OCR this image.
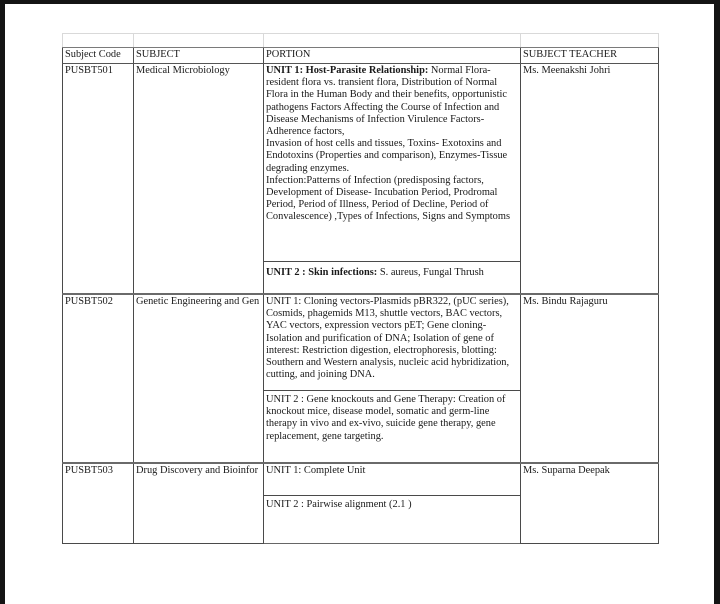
Subject Code	SUBJECT	PORTION	SUBJECT TEACHER
PUSBT501	Medical Microbiology	UNIT 1: Host-Parasite Relationship: Normal Flora-resident flora vs. transient flora, Distribution of Normal Flora in the Human Body and their benefits, opportunistic pathogens Factors Affecting the Course of Infection and Disease Mechanisms of Infection Virulence Factors- Adherence factors,
Invasion of host cells and tissues, Toxins- Exotoxins and Endotoxins (Properties and comparison), Enzymes-Tissue degrading enzymes.
Infection:Patterns of Infection (predisposing factors, Development of Disease- Incubation Period, Prodromal Period, Period of Illness, Period of Decline, Period of Convalescence) ,Types of Infections, Signs and Symptoms	Ms. Meenakshi Johri
		UNIT 2 : Skin infections: S. aureus, Fungal Thrush	
PUSBT502	Genetic Engineering and Gen	UNIT 1: Cloning vectors-Plasmids pBR322, (pUC series), Cosmids, phagemids M13, shuttle vectors, BAC vectors, YAC vectors, expression vectors pET; Gene cloning-Isolation and purification of DNA; Isolation of gene of interest: Restriction digestion, electrophoresis, blotting: Southern and Western analysis, nucleic acid hybridization, cutting, and joining DNA.	Ms. Bindu Rajaguru
		UNIT 2 : Gene knockouts and Gene Therapy: Creation of knockout mice, disease model, somatic and germ-line therapy in vivo and ex-vivo, suicide gene therapy, gene replacement, gene targeting.	
PUSBT503	Drug Discovery and Bioinfor	UNIT 1: Complete Unit	Ms. Suparna Deepak
		UNIT 2 : Pairwise alignment (2.1 )	
